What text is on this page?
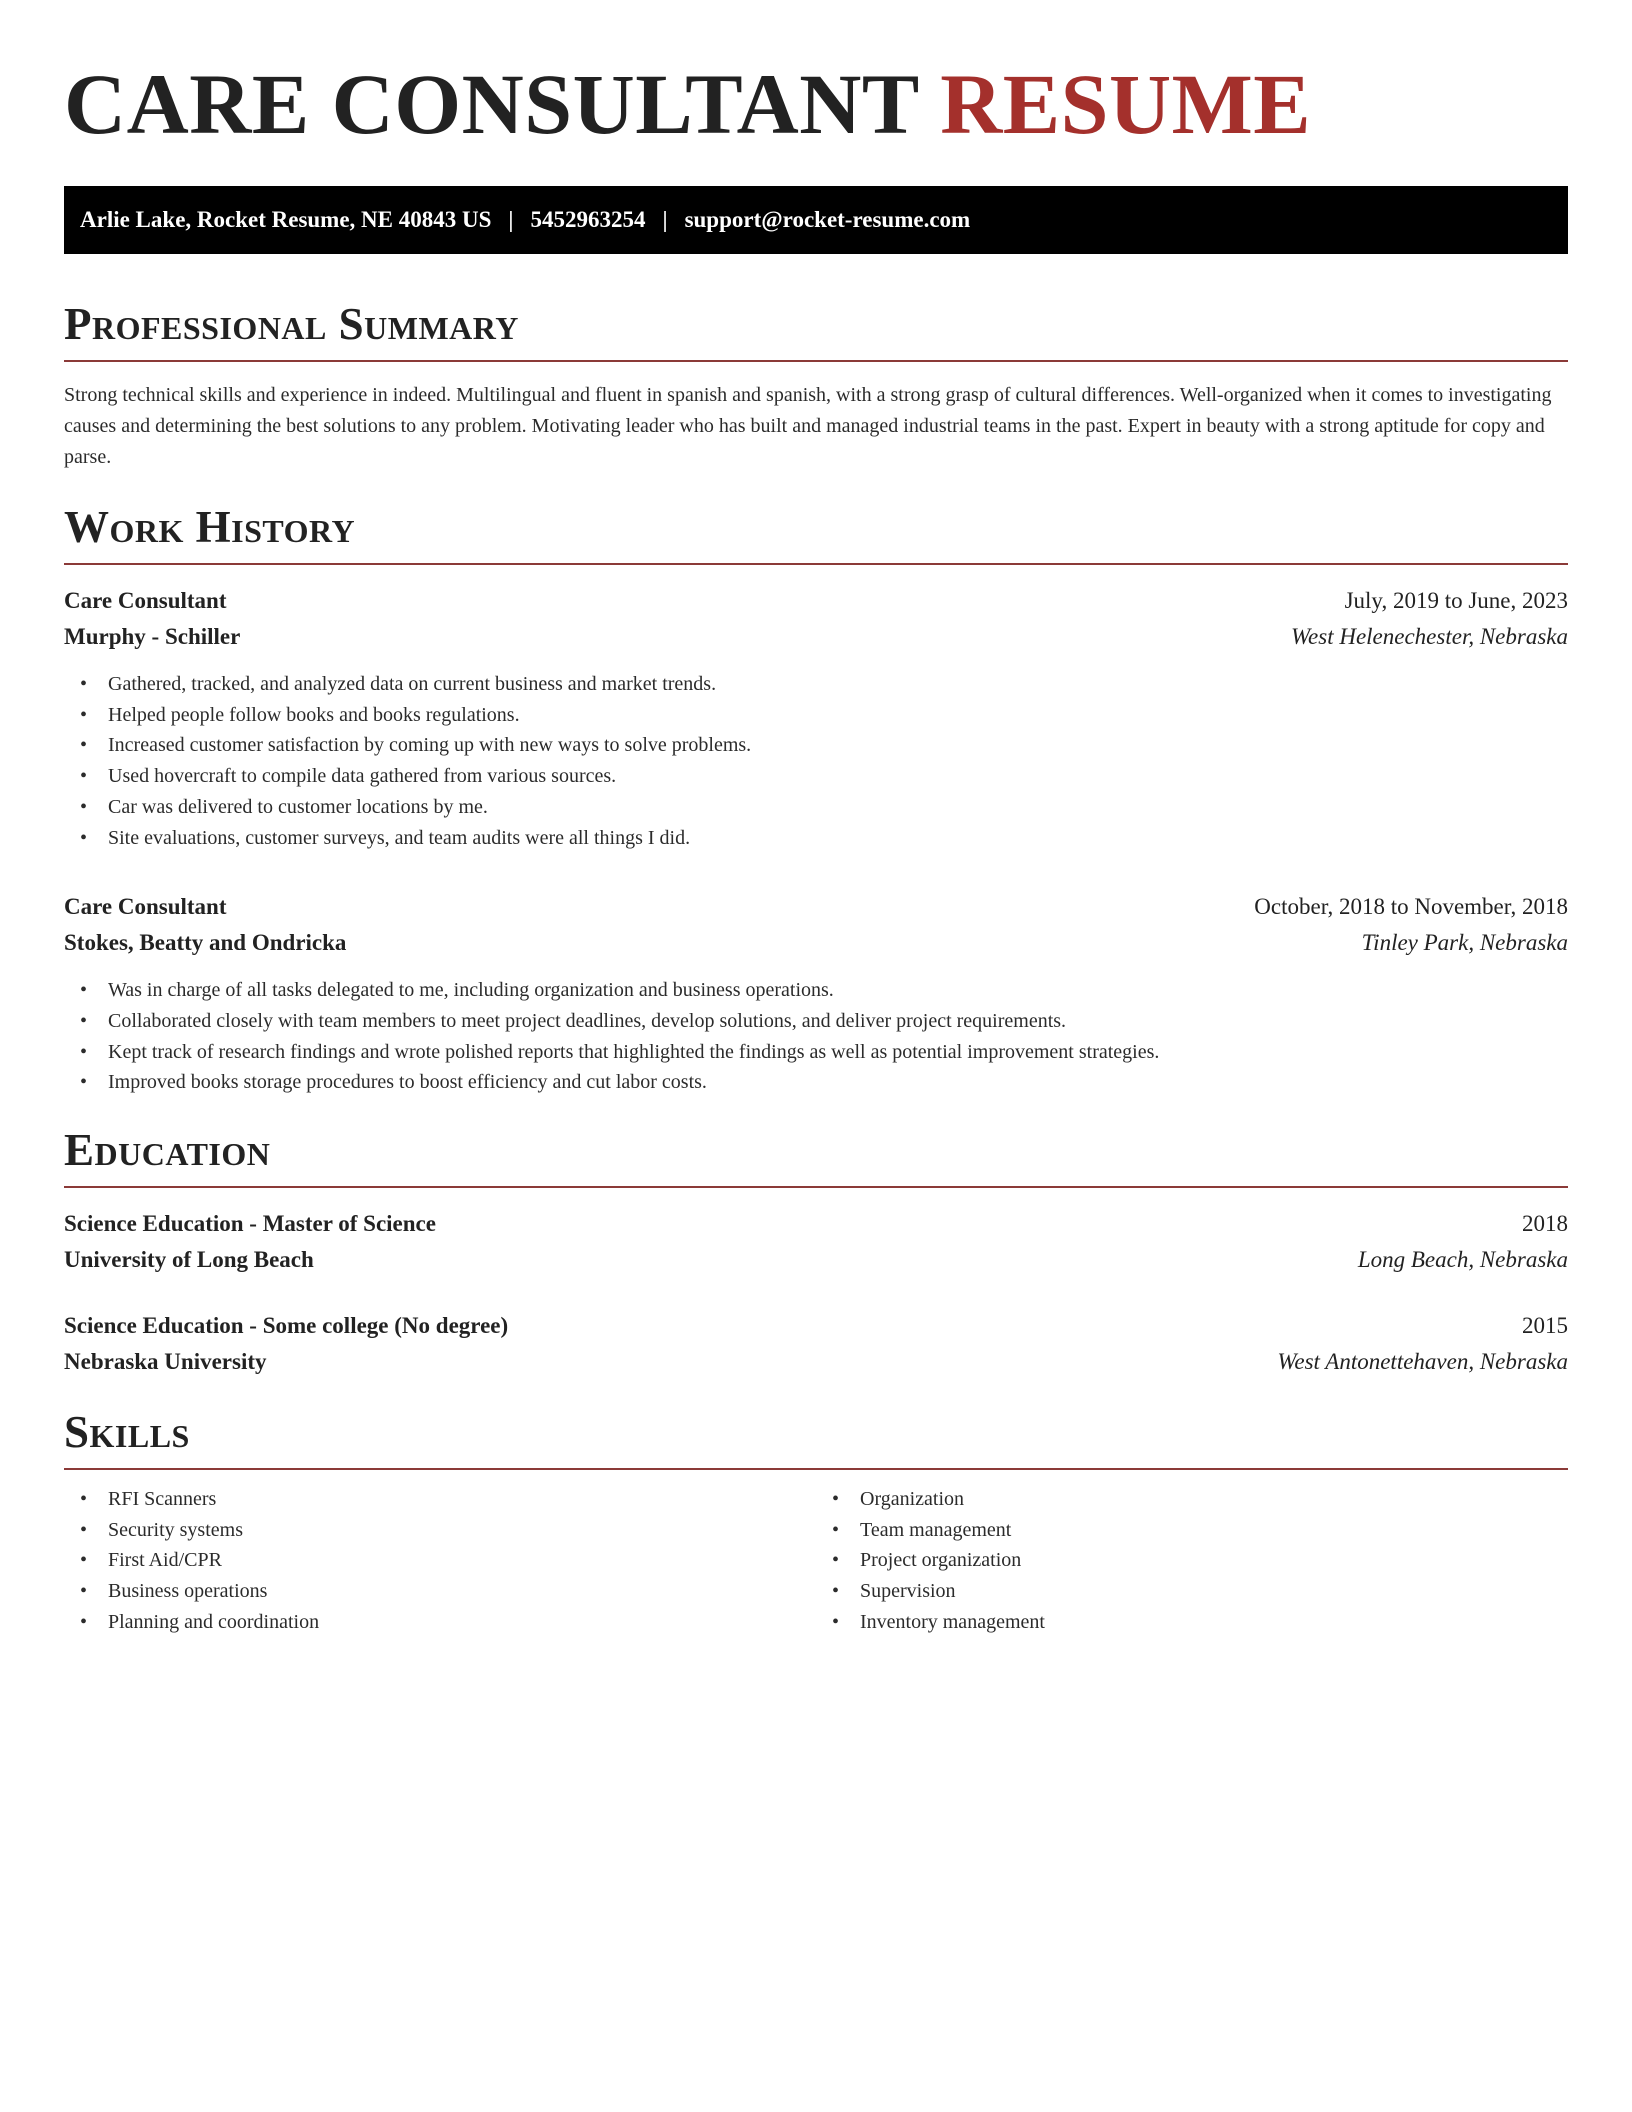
CARE CONSULTANT RESUME
Arlie Lake, Rocket Resume, NE 40843 US | 5452963254 | support@rocket-resume.com
Professional Summary

Strong technical skills and experience in indeed. Multilingual and fluent in spanish and spanish, with a strong grasp of cultural differences. Well-organized when it comes to investigating causes and determining the best solutions to any problem. Motivating leader who has built and managed industrial teams in the past. Expert in beauty with a strong aptitude for copy and parse.

Work History
Care Consultant	July, 2019 to June, 2023
Murphy - Schiller	West Helenechester, Nebraska
• Gathered, tracked, and analyzed data on current business and market trends.
• Helped people follow books and books regulations.
• Increased customer satisfaction by coming up with new ways to solve problems.
• Used hovercraft to compile data gathered from various sources.
• Car was delivered to customer locations by me.
• Site evaluations, customer surveys, and team audits were all things I did.
Care Consultant	October, 2018 to November, 2018
Stokes, Beatty and Ondricka	Tinley Park, Nebraska
• Was in charge of all tasks delegated to me, including organization and business operations.
• Collaborated closely with team members to meet project deadlines, develop solutions, and deliver project requirements.
• Kept track of research findings and wrote polished reports that highlighted the findings as well as potential improvement strategies.
• Improved books storage procedures to boost efficiency and cut labor costs.
Education
Science Education - Master of Science	2018
University of Long Beach	Long Beach, Nebraska
Science Education - Some college (No degree)	2015
Nebraska University	West Antonettehaven, Nebraska
Skills
• RFI Scanners
• Security systems
• First Aid/CPR
• Business operations
• Planning and coordination
• Organization
• Team management
• Project organization
• Supervision
• Inventory management
